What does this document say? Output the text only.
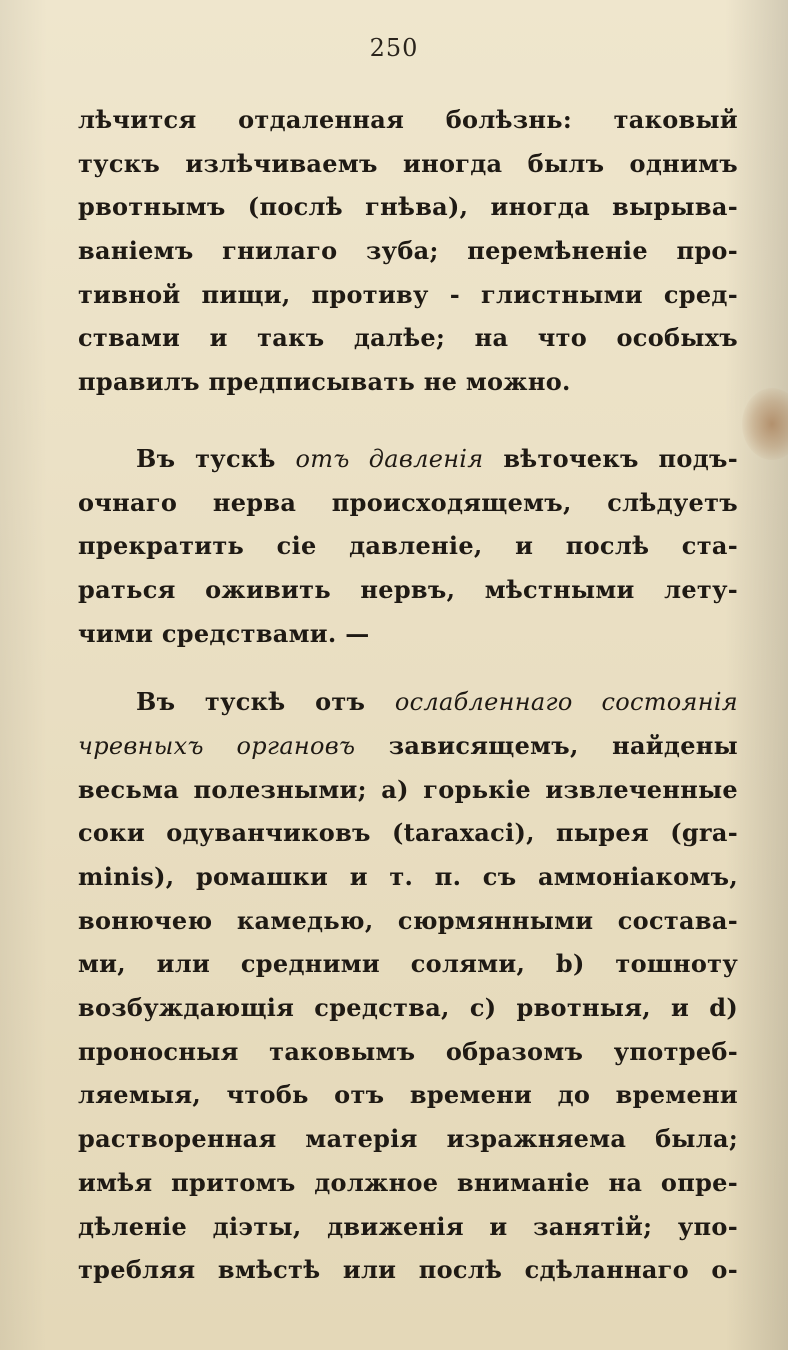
250
лѣчится отдаленная болѣзнь: таковый
тускъ излѣчиваемъ иногда былъ однимъ
рвотнымъ (послѣ гнѣва), иногда вырыва-
ваніемъ гнилаго зуба; перемѣненіе про-
тивной пищи, противу - глистными сред-
ствами и такъ далѣе; на что особыхъ
правилъ предписывать не можно.
Въ тускѣ отъ давленія вѣточекъ подъ-
очнаго нерва происходящемъ, слѣдуетъ
прекратить сіе давленіе, и послѣ ста-
раться оживить нервъ, мѣстными лету-
чими средствами. —
Въ тускѣ отъ ослабленнаго состоянія
чревныхъ органовъ зависящемъ, найдены
весьма полезными; а) горькіе извлеченные
соки одуванчиковъ (taraxaci), пырея (gra-
minis), ромашки и т. п. съ аммоніакомъ,
вонючею камедью, сюрмянными состава-
ми, или средними солями, b) тошноту
возбуждающія средства, с) рвотныя, и d)
проносныя таковымъ образомъ употреб-
ляемыя, чтобь отъ времени до времени
растворенная матерія изражняема была;
имѣя притомъ должное вниманіе на опре-
дѣленіе діэты, движенія и занятій; упо-
требляя вмѣстѣ или послѣ сдѣланнаго о-
